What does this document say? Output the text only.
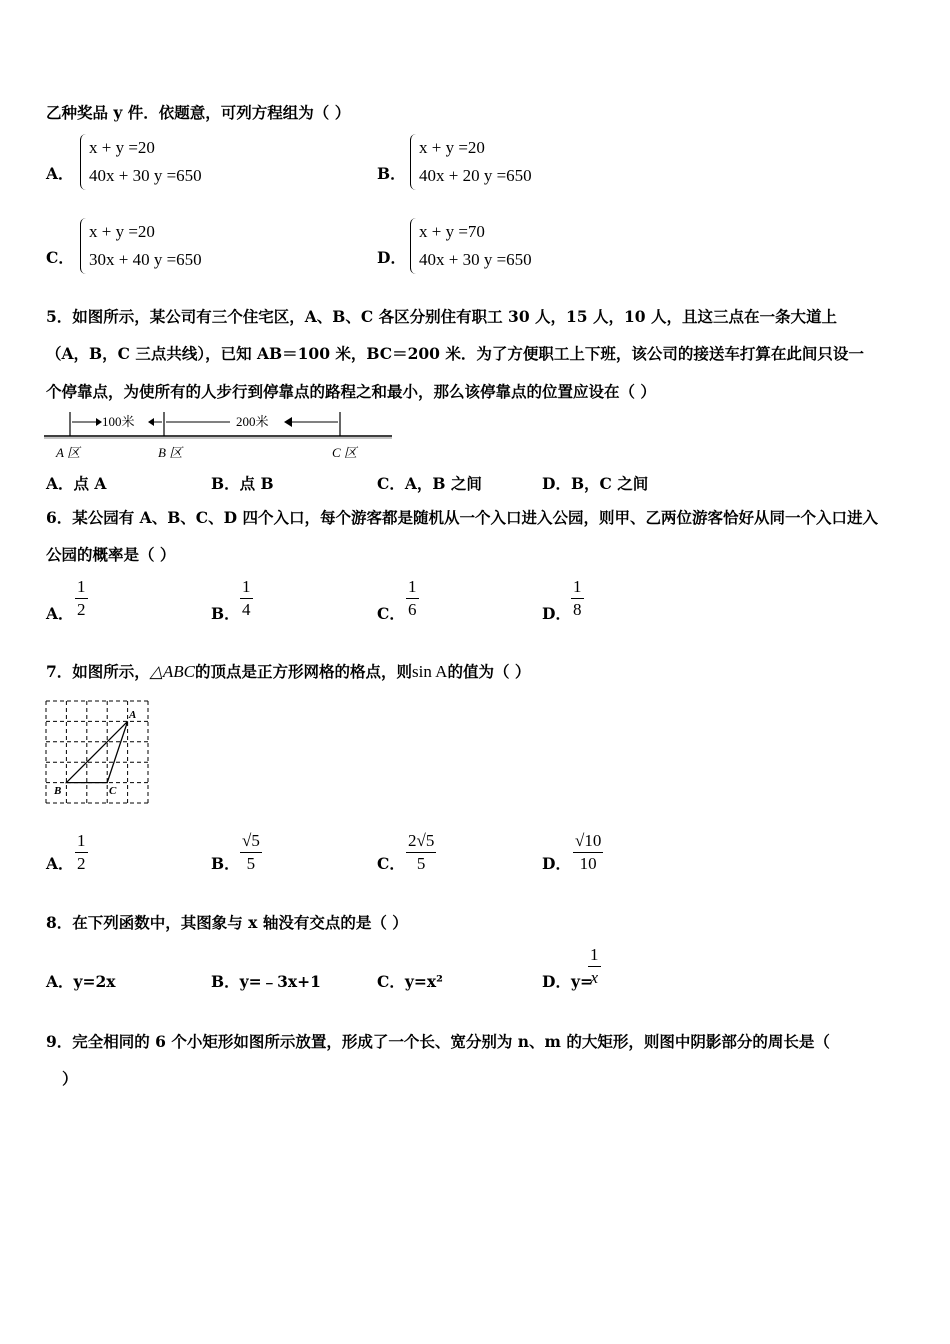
乙种奖品 y 件．依题意，可列方程组为（ ）
A．
x + y =20
40x + 30 y =650	B．
x + y =20
40x + 20 y =650
C．
x + y =20
30x + 40 y =650	D．
x + y =70
40x + 30 y =650
5．如图所示，某公司有三个住宅区，A、B、C 各区分别住有职工 30 人，15 人，10 人，且这三点在一条大道上
（A，B，C 三点共线），已知 AB＝100 米，BC＝200 米．为了方便职工上下班，该公司的接送车打算在此间只设一
个停靠点，为使所有的人步行到停靠点的路程之和最小，那么该停靠点的位置应设在（ ）
100米	200米
A 区	B 区	C 区
A．点 A	B．点 B	C．A，B 之间	D．B，C 之间
6．某公园有 A、B、C、D 四个入口，每个游客都是随机从一个入口进入公园，则甲、乙两位游客恰好从同一个入口进入
公园的概率是（ ）
A． $\frac{1}{2}$	B． $\frac{1}{4}$	C． $\frac{1}{6}$	D． $\frac{1}{8}$
7．如图所示，△ABC的顶点是正方形网格的格点，则sin A的值为（ ）
A
B	C
A． $\frac{1}{2}$	B． $\frac{√5}{5}$	C． $\frac{2√5}{5}$	D． $\frac{√10}{10}$
8．在下列函数中，其图象与 x 轴没有交点的是（ ）
A．y=2x	B．y=﹣3x+1	C．y=x²	D．y=
$\frac{1}{x}$
9．完全相同的 6 个小矩形如图所示放置，形成了一个长、宽分别为 n、m 的大矩形，则图中阴影部分的周长是（
）
